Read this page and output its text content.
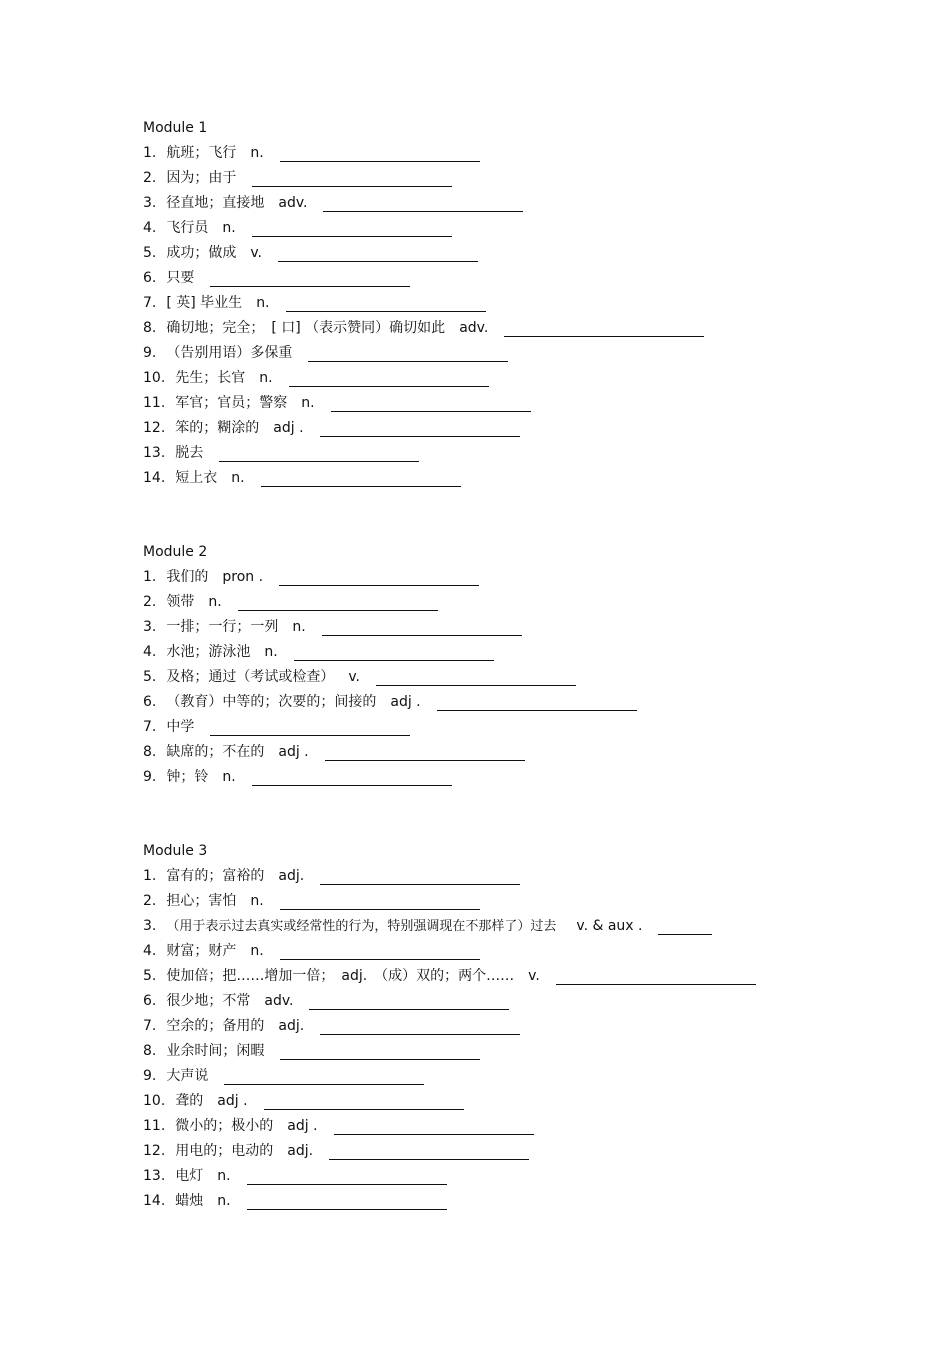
Module 1
1. 航班；飞行 n.
2. 因为；由于
3. 径直地；直接地 adv.
4. 飞行员 n.
5. 成功；做成 v.
6. 只要
7. [ 英] 毕业生 n.
8. 确切地；完全；　[ 口] （表示赞同）确切如此 adv.
9. （告别用语）多保重
10. 先生；长官 n.
11. 军官；官员；警察 n.
12. 笨的；糊涂的 adj .
13. 脱去
14. 短上衣 n.
Module 2
1. 我们的 pron .
2. 领带 n.
3. 一排；一行；一列 n.
4. 水池；游泳池 n.
5. 及格；通过（考试或检查） v.
6. （教育）中等的；次要的；间接的 adj .
7. 中学
8. 缺席的；不在的 adj .
9. 钟；铃 n.
Module 3
1. 富有的；富裕的 adj.
2. 担心；害怕 n.
3. （用于表示过去真实或经常性的行为，特别强调现在不那样了）过去 v. & aux .
4. 财富；财产 n.
5. 使加倍；把……增加一倍；　adj.　（成）双的；两个…… v.
6. 很少地；不常 adv.
7. 空余的；备用的 adj.
8. 业余时间；闲暇
9. 大声说
10. 聋的 adj .
11. 微小的；极小的 adj .
12. 用电的；电动的 adj.
13. 电灯 n.
14. 蜡烛 n.
